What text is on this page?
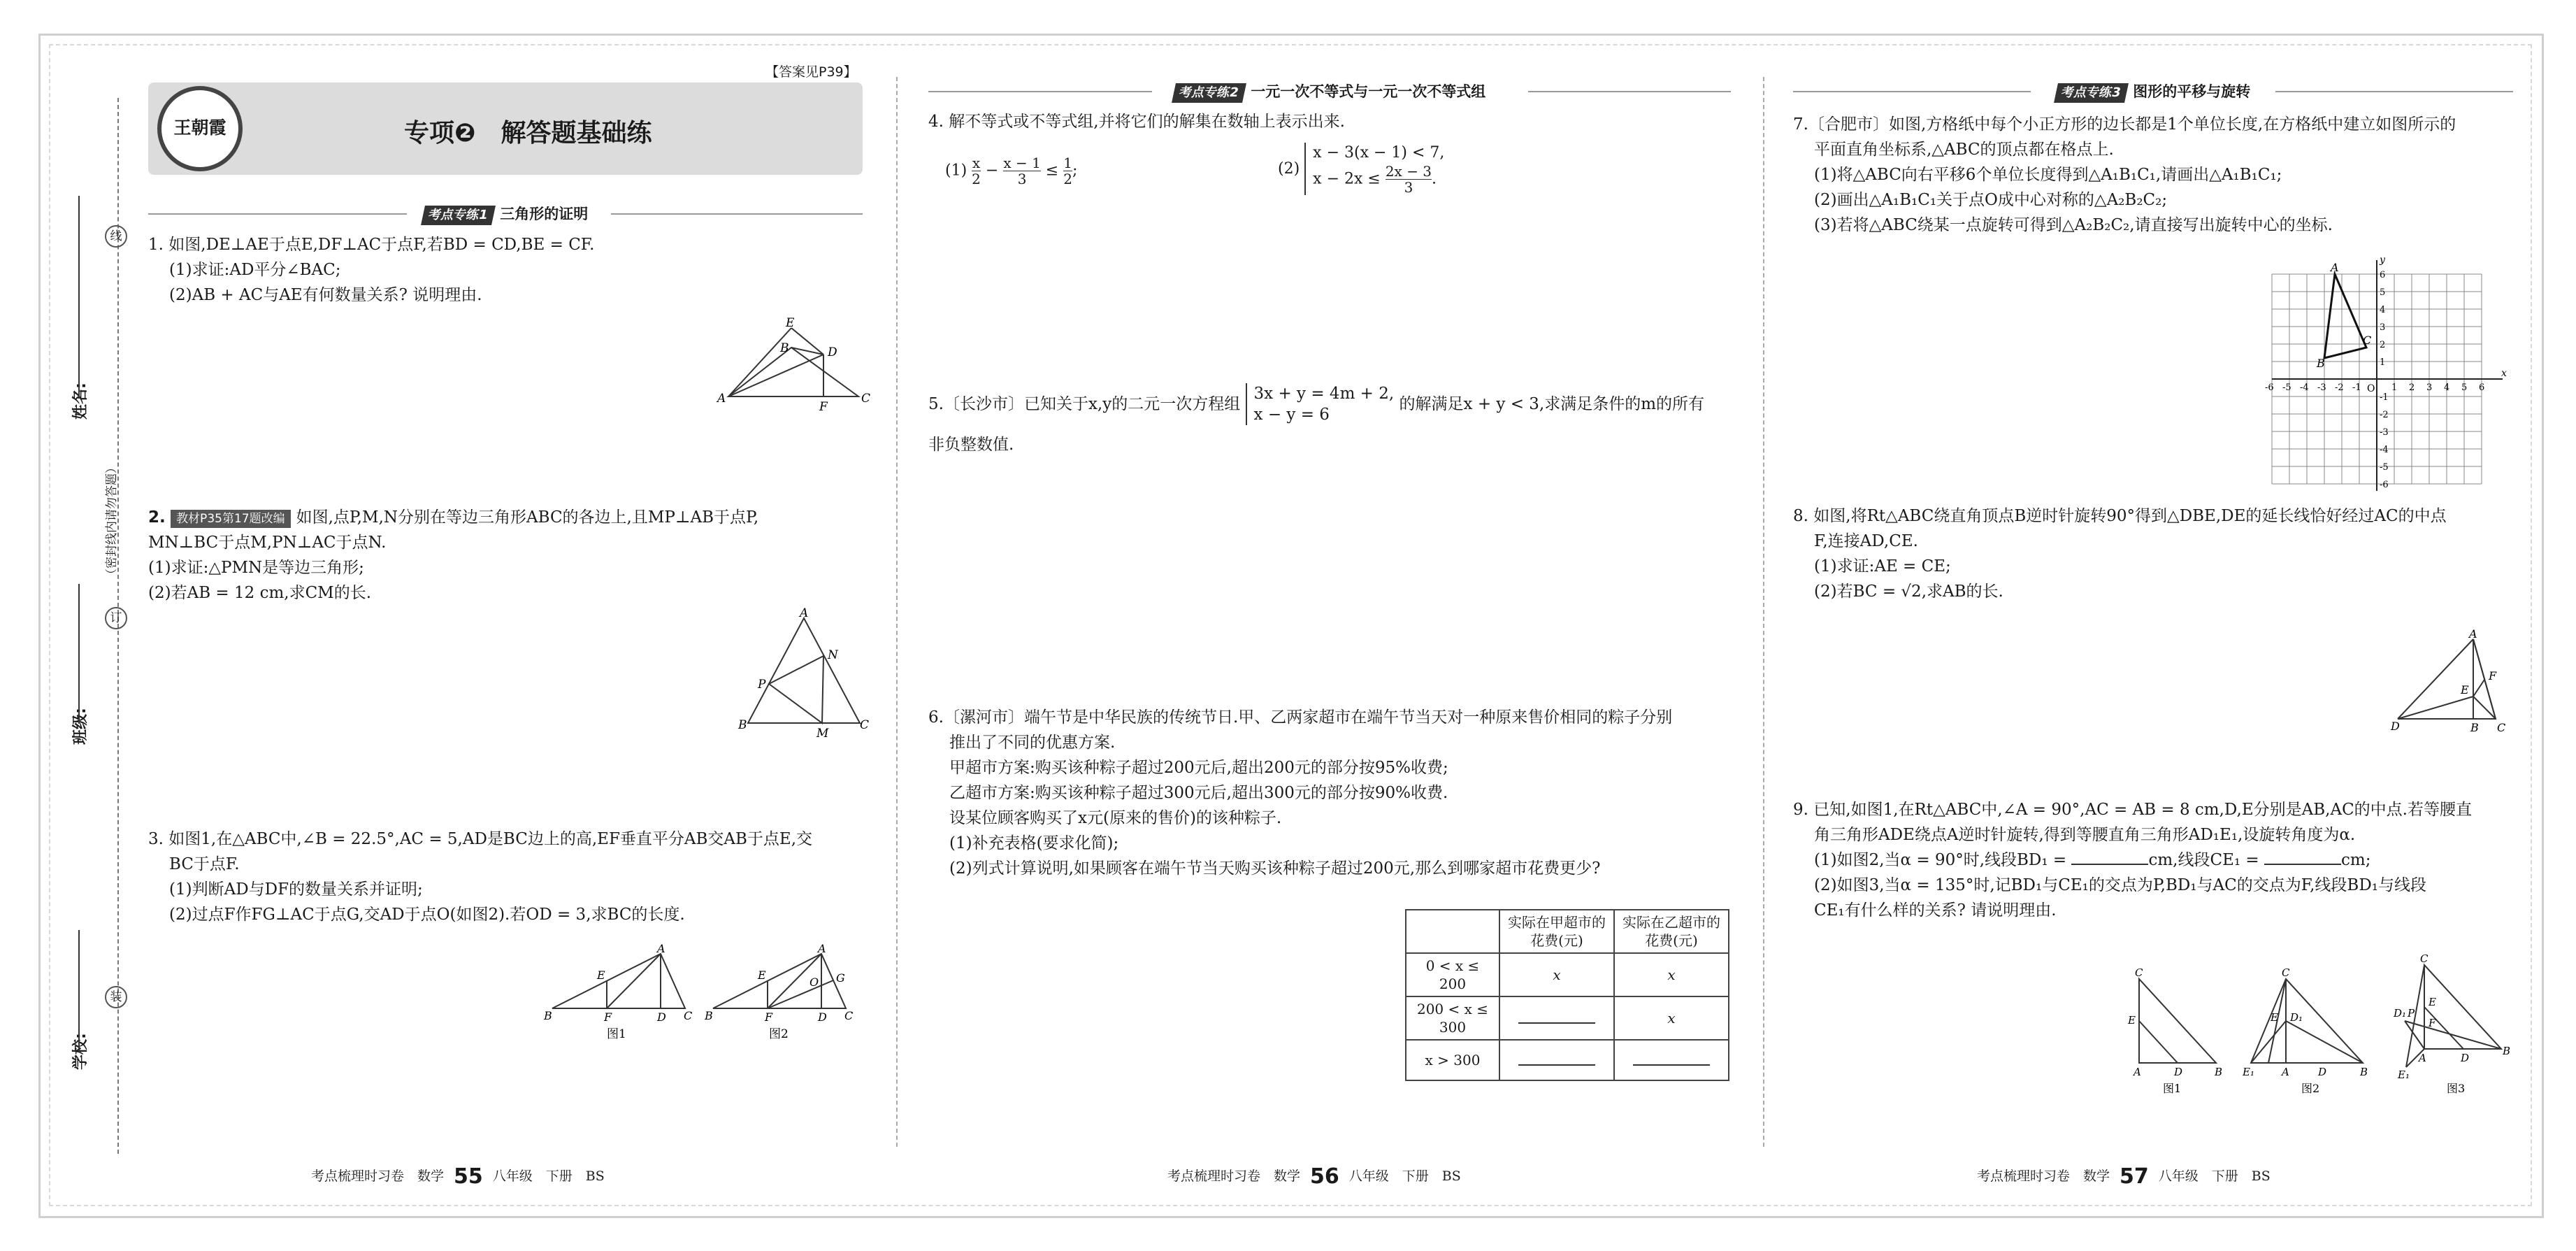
学校:
班级:
姓名:
（密封线内请勿答题）
装
订
线
【答案见P39】
王朝霞	专项❷　解答题基础练
考点专练1 三角形的证明

1. 如图,DE⊥AE于点E,DF⊥AC于点F,若BD = CD,BE = CF.

(1)求证:AD平分∠BAC;

(2)AB + AC与AE有何数量关系? 说明理由.

A
B
E
D
F
C

2. 教材P35第17题改编 如图,点P,M,N分别在等边三角形ABC的各边上,且MP⊥AB于点P,

MN⊥BC于点M,PN⊥AC于点N.

(1)求证:△PMN是等边三角形;

(2)若AB = 12 cm,求CM的长.

A
P
N
B
M
C

3. 如图1,在△ABC中,∠B = 22.5°,AC = 5,AD是BC边上的高,EF垂直平分AB交AB于点E,交

BC于点F.

(1)判断AD与DF的数量关系并证明;

(2)过点F作FG⊥AC于点G,交AD于点O(如图2).若OD = 3,求BC的长度.

A
E
B	F	D C
图1
A
E
O G
B	F	D C
图2
考点梳理时习卷　数学 55 八年级　下册　BS
考点专练2 一元一次不等式与一元一次不等式组

4. 解不等式或不等式组,并将它们的解集在数轴上表示出来.

$(1) \frac{x}{2} - \frac{x - 1}{3} \le \frac{1}{2}$ ;	(2)
x − 3(x − 1) < 7,
$x - 2x \le \frac{2x - 3}{3}$ .
5.〔长沙市〕已知关于x,y的二元一次方程组
3x + y = 4m + 2,
x − y = 6
的解满足x + y < 3,求满足条件的m的所有

非负整数值.

6.〔漯河市〕端午节是中华民族的传统节日.甲、乙两家超市在端午节当天对一种原来售价相同的粽子分别

推出了不同的优惠方案.

甲超市方案:购买该种粽子超过200元后,超出200元的部分按95%收费;

乙超市方案:购买该种粽子超过300元后,超出300元的部分按90%收费.

设某位顾客购买了x元(原来的售价)的该种粽子.

(1)补充表格(要求化简);

(2)列式计算说明,如果顾客在端午节当天购买该种粽子超过200元,那么到哪家超市花费更少?

	实际在甲超市的花费(元)	实际在乙超市的花费(元)
0 < x ≤ 200	x	x
200 < x ≤ 300		x
x > 300		
考点梳理时习卷　数学 56 八年级　下册　BS
考点专练3 图形的平移与旋转

7.〔合肥市〕如图,方格纸中每个小正方形的边长都是1个单位长度,在方格纸中建立如图所示的

平面直角坐标系,△ABC的顶点都在格点上.

(1)将△ABC向右平移6个单位长度得到△A₁B₁C₁,请画出△A₁B₁C₁;

(2)画出△A₁B₁C₁关于点O成中心对称的△A₂B₂C₂;

(3)若将△ABC绕某一点旋转可得到△A₂B₂C₂,请直接写出旋转中心的坐标.

x
y
O
A
B
C
-6
-6
-5
-5
-4
-4
-3
-3
-2
-2
-1
-1
1
1
2
2
3
3
4
4
5
5
6
6

8. 如图,将Rt△ABC绕直角顶点B逆时针旋转90°得到△DBE,DE的延长线恰好经过AC的中点

F,连接AD,CE.

(1)求证:AE = CE;

(2)若BC = √2,求AB的长.

A
E
F
D	B C

9. 已知,如图1,在Rt△ABC中,∠A = 90°,AC = AB = 8 cm,D,E分别是AB,AC的中点.若等腰直

角三角形ADE绕点A逆时针旋转,得到等腰直角三角形AD₁E₁,设旋转角度为α.

(1)如图2,当α = 90°时,线段BD₁ =	cm,线段CE₁ =	cm;

(2)如图3,当α = 135°时,记BD₁与CE₁的交点为P,BD₁与AC的交点为F,线段BD₁与线段

CE₁有什么样的关系? 请说明理由.

C
E
A	D	B
图1
C
E D₁
E₁	A	D	B
图2
C
E
P
F
D₁
A	D
B
E₁
图3
考点梳理时习卷　数学 57 八年级　下册　BS
